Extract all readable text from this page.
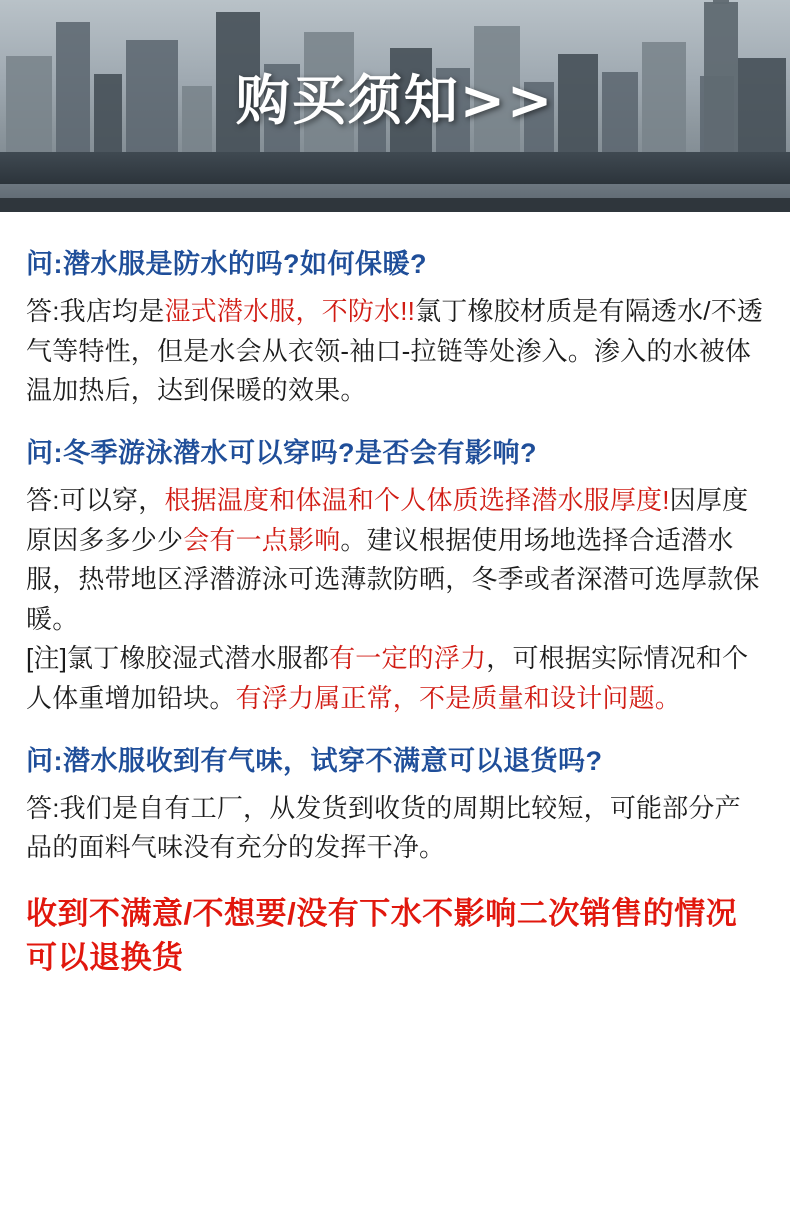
购买须知>>
问:潜水服是防水的吗?如何保暖?
答:我店均是湿式潜水服，不防水!!氯丁橡胶材质是有隔透水/不透气等特性，但是水会从衣领-袖口-拉链等处渗入。渗入的水被体温加热后，达到保暖的效果。
问:冬季游泳潜水可以穿吗?是否会有影响?
答:可以穿，根据温度和体温和个人体质选择潜水服厚度!因厚度原因多多少少会有一点影响。建议根据使用场地选择合适潜水服，热带地区浮潜游泳可选薄款防晒，冬季或者深潜可选厚款保暖。
[注]氯丁橡胶湿式潜水服都有一定的浮力，可根据实际情况和个人体重增加铅块。有浮力属正常，不是质量和设计问题。
问:潜水服收到有气味，试穿不满意可以退货吗?
答:我们是自有工厂，从发货到收货的周期比较短，可能部分产品的面料气味没有充分的发挥干净。
收到不满意/不想要/没有下水不影响二次销售的情况可以退换货
